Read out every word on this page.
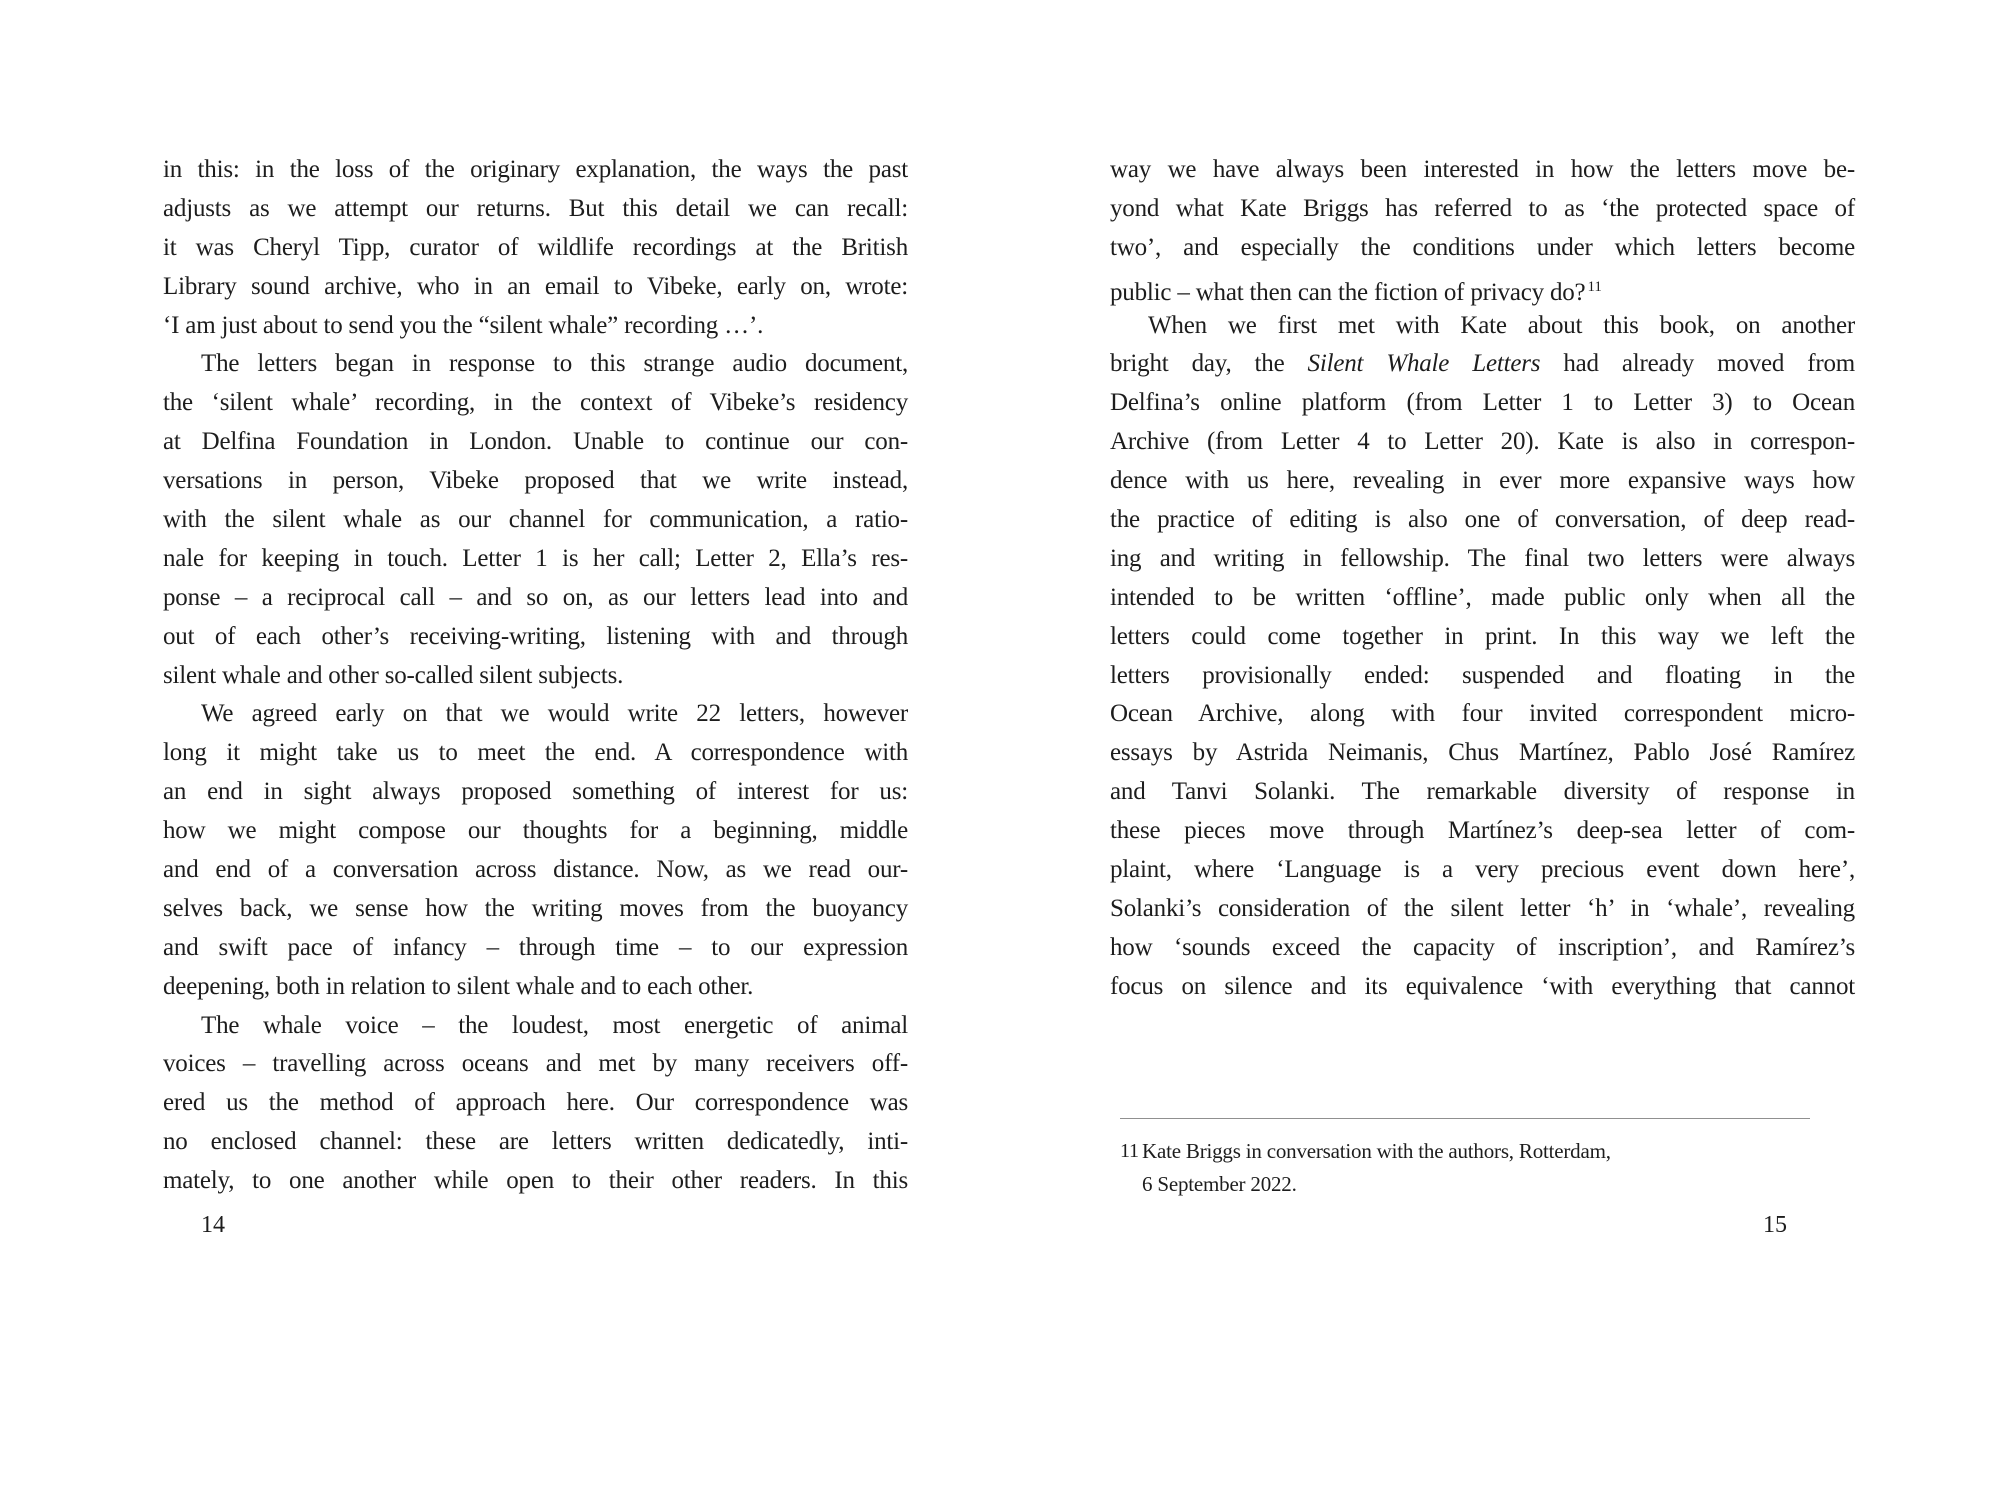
in this: in the loss of the originary explanation, the ways the past
adjusts as we attempt our returns. But this detail we can recall:
it was Cheryl Tipp, curator of wildlife recordings at the British
Library sound archive, who in an email to Vibeke, early on, wrote:
‘I am just about to send you the “silent whale” recording …’.
The letters began in response to this strange audio document,
the ‘silent whale’ recording, in the context of Vibeke’s residency
at Delfina Foundation in London. Unable to continue our con-
versations in person, Vibeke proposed that we write instead,
with the silent whale as our channel for communication, a ratio-
nale for keeping in touch. Letter 1 is her call; Letter 2, Ella’s res-
ponse – a reciprocal call – and so on, as our letters lead into and
out of each other’s receiving-writing, listening with and through
silent whale and other so-called silent subjects.
We agreed early on that we would write 22 letters, however
long it might take us to meet the end. A correspondence with
an end in sight always proposed something of interest for us:
how we might compose our thoughts for a beginning, middle
and end of a conversation across distance. Now, as we read our-
selves back, we sense how the writing moves from the buoyancy
and swift pace of infancy – through time – to our expression
deepening, both in relation to silent whale and to each other.
The whale voice – the loudest, most energetic of animal
voices – travelling across oceans and met by many receivers off-
ered us the method of approach here. Our correspondence was
no enclosed channel: these are letters written dedicatedly, inti-
mately, to one another while open to their other readers. In this
14
way we have always been interested in how the letters move be-
yond what Kate Briggs has referred to as ‘the protected space of
two’, and especially the conditions under which letters become
public – what then can the fiction of privacy do? $^{11}$
When we first met with Kate about this book, on another
bright day, the Silent Whale Letters had already moved from
Delfina’s online platform (from Letter 1 to Letter 3) to Ocean
Archive (from Letter 4 to Letter 20). Kate is also in correspon-
dence with us here, revealing in ever more expansive ways how
the practice of editing is also one of conversation, of deep read-
ing and writing in fellowship. The final two letters were always
intended to be written ‘offline’, made public only when all the
letters could come together in print. In this way we left the
letters provisionally ended: suspended and floating in the
Ocean Archive, along with four invited correspondent micro-
essays by Astrida Neimanis, Chus Martínez, Pablo José Ramírez
and Tanvi Solanki. The remarkable diversity of response in
these pieces move through Martínez’s deep-sea letter of com-
plaint, where ‘Language is a very precious event down here’,
Solanki’s consideration of the silent letter ‘h’ in ‘whale’, revealing
how ‘sounds exceed the capacity of inscription’, and Ramírez’s
focus on silence and its equivalence ‘with everything that cannot
11 Kate Briggs in conversation with the authors, Rotterdam,
6 September 2022.
15
